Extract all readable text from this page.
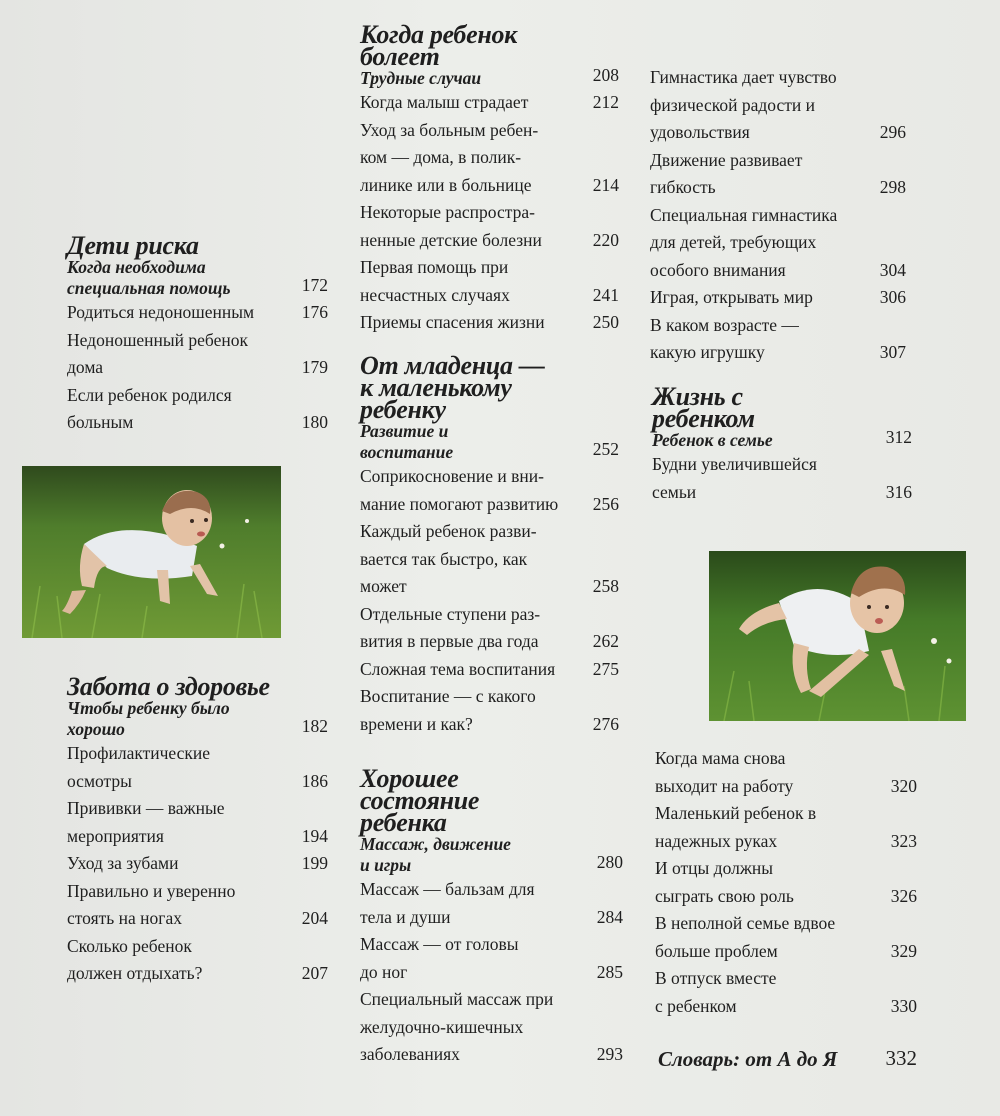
Дети риска
Когда необходима
специальная помощь	172
Родиться недоношенным	176
Недоношенный ребенок
дома	179
Если ребенок родился
больным	180
Забота о здоровье
Чтобы ребенку было
хорошо	182
Профилактические
осмотры	186
Прививки — важные
мероприятия	194
Уход за зубами	199
Правильно и уверенно
стоять на ногах	204
Сколько ребенок
должен отдыхать?	207
Когда ребенок
болеет
Трудные случаи	208
Когда малыш страдает	212
Уход за больным ребен-
ком — дома, в полик-
линике или в больнице	214
Некоторые распростра-
ненные детские болезни	220
Первая помощь при
несчастных случаях	241
Приемы спасения жизни	250
От младенца —
к маленькому
ребенку
Развитие и
воспитание	252
Соприкосновение и вни-
мание помогают развитию	256
Каждый ребенок разви-
вается так быстро, как
может	258
Отдельные ступени раз-
вития в первые два года	262
Сложная тема воспитания	275
Воспитание — с какого
времени и как?	276
Хорошее
состояние
ребенка
Массаж, движение
и игры	280
Массаж — бальзам для
тела и души	284
Массаж — от головы
до ног	285
Специальный массаж при
желудочно-кишечных
заболеваниях	293
Гимнастика дает чувство
физической радости и
удовольствия	296
Движение развивает
гибкость	298
Специальная гимнастика
для детей, требующих
особого внимания	304
Играя, открывать мир	306
В каком возрасте —
какую игрушку	307
Жизнь с
ребенком
Ребенок в семье	312
Будни увеличившейся
семьи	316
Когда мама снова
выходит на работу	320
Маленький ребенок в
надежных руках	323
И отцы должны
сыграть свою роль	326
В неполной семье вдвое
больше проблем	329
В отпуск вместе
с ребенком	330
Словарь: от А до Я	332
